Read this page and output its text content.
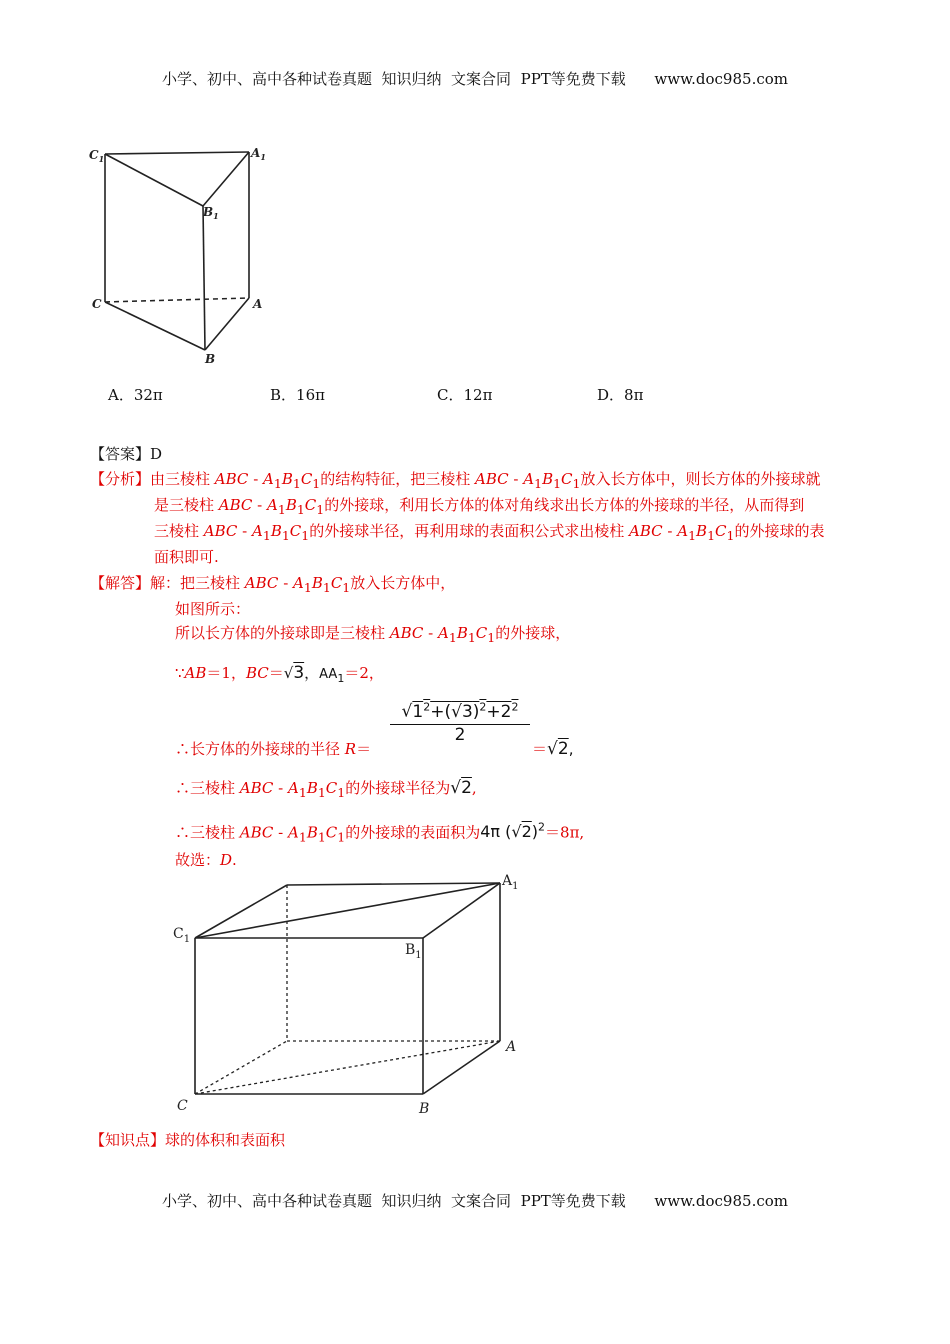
小学、初中、高中各种试卷真题  知识归纳  文案合同  PPT等免费下载      www.doc985.com
$C_1$	$A_1$
$B_1$
C	A
B
A．32π	B．16π	C．12π	D．8π
【答案】D
【分析】由三棱柱 ABC - $A_1B_1C_1$的结构特征，把三棱柱 ABC - $A_1B_1C_1$放入长方体中，则长方体的外接球就
是三棱柱 ABC - $A_1B_1C_1$的外接球，利用长方体的体对角线求出长方体的外接球的半径，从而得到
三棱柱 ABC - $A_1B_1C_1$的外接球半径，再利用球的表面积公式求出棱柱 ABC - $A_1B_1C_1$的外接球的表
面积即可.
【解答】解：把三棱柱 ABC - $A_1B_1C_1$放入长方体中，
如图所示：
所以长方体的外接球即是三棱柱 ABC - $A_1B_1C_1$的外接球，
∵AB＝1，BC＝√3，$AA_1=2$，
∴长方体的外接球的半径 R＝
$√1^2+(√3)^2+2^2$
2
＝√2,
∴三棱柱 ABC - $A_1B_1C_1$的外接球半径为√2,
∴三棱柱 ABC - $A_1B_1C_1$的外接球的表面积为4π $(√2)^2=8\pi$,
故选：D.
$A_1$
$C_1$
$B_1$
A
C	B
【知识点】球的体积和表面积
小学、初中、高中各种试卷真题  知识归纳  文案合同  PPT等免费下载      www.doc985.com
